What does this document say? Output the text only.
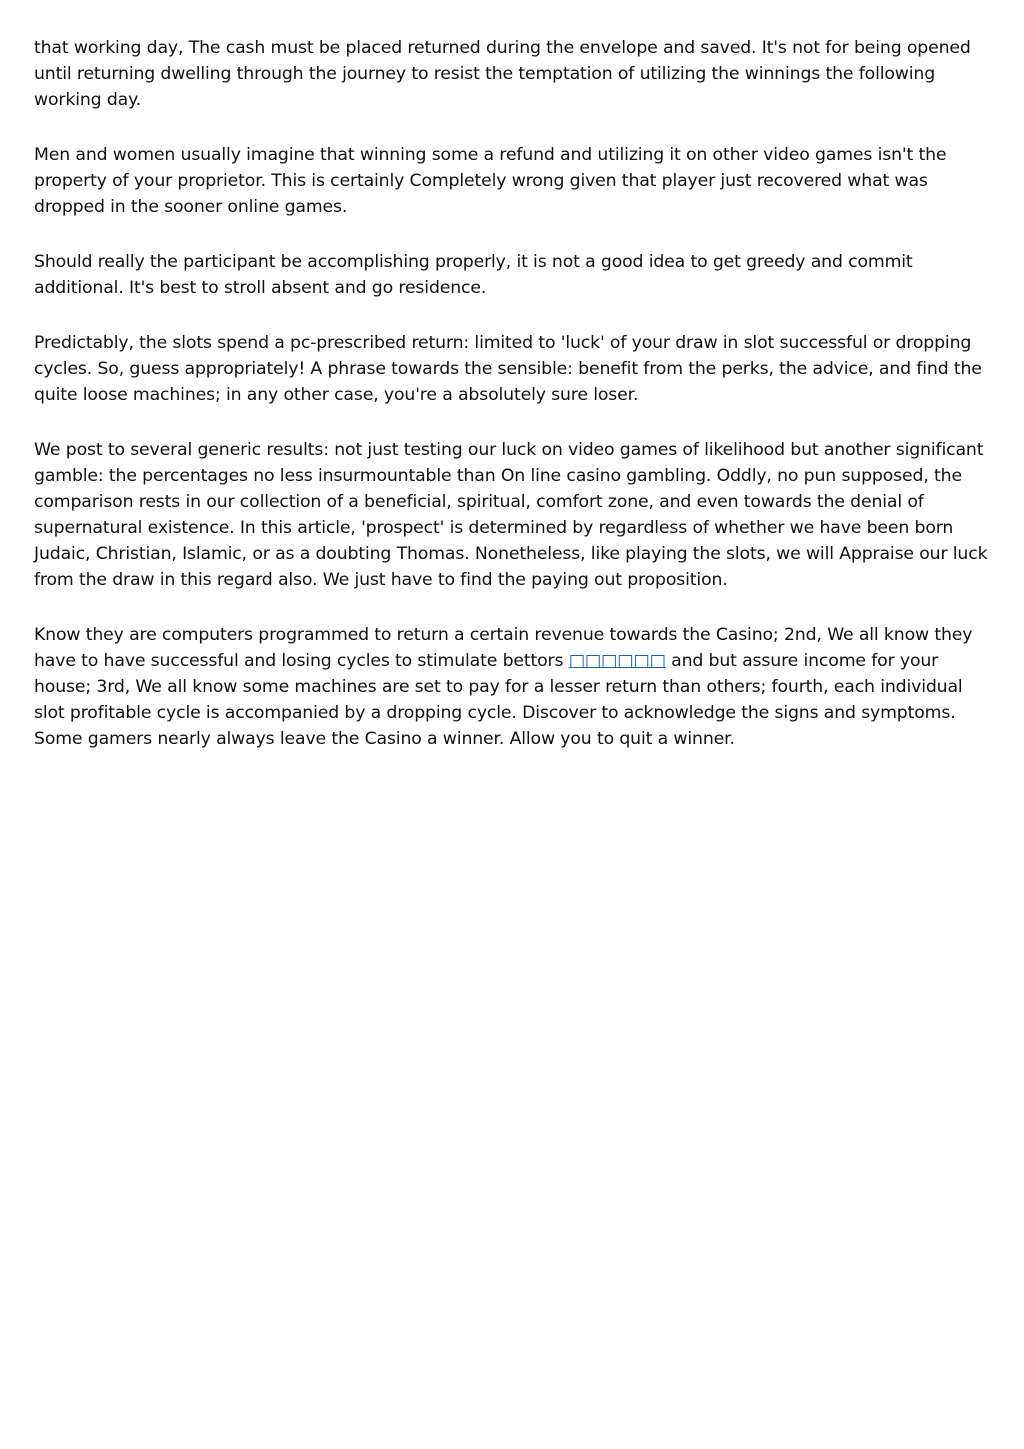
that working day, The cash must be placed returned during the envelope and saved. It's not for being opened until returning dwelling through the journey to resist the temptation of utilizing the winnings the following working day.

Men and women usually imagine that winning some a refund and utilizing it on other video games isn't the property of your proprietor. This is certainly Completely wrong given that player just recovered what was dropped in the sooner online games.

Should really the participant be accomplishing properly, it is not a good idea to get greedy and commit additional. It's best to stroll absent and go residence.

Predictably, the slots spend a pc-prescribed return: limited to 'luck' of your draw in slot successful or dropping cycles. So, guess appropriately! A phrase towards the sensible: benefit from the perks, the advice, and find the quite loose machines; in any other case, you're a absolutely sure loser.

We post to several generic results: not just testing our luck on video games of likelihood but another significant gamble: the percentages no less insurmountable than On line casino gambling. Oddly, no pun supposed, the comparison rests in our collection of a beneficial, spiritual, comfort zone, and even towards the denial of supernatural existence. In this article, 'prospect' is determined by regardless of whether we have been born Judaic, Christian, Islamic, or as a doubting Thomas. Nonetheless, like playing the slots, we will Appraise our luck from the draw in this regard also. We just have to find the paying out proposition.

Know they are computers programmed to return a certain revenue towards the Casino; 2nd, We all know they have to have successful and losing cycles to stimulate bettors □□□□□□ and but assure income for your house; 3rd, We all know some machines are set to pay for a lesser return than others; fourth, each individual slot profitable cycle is accompanied by a dropping cycle. Discover to acknowledge the signs and symptoms. Some gamers nearly always leave the Casino a winner. Allow you to quit a winner.
